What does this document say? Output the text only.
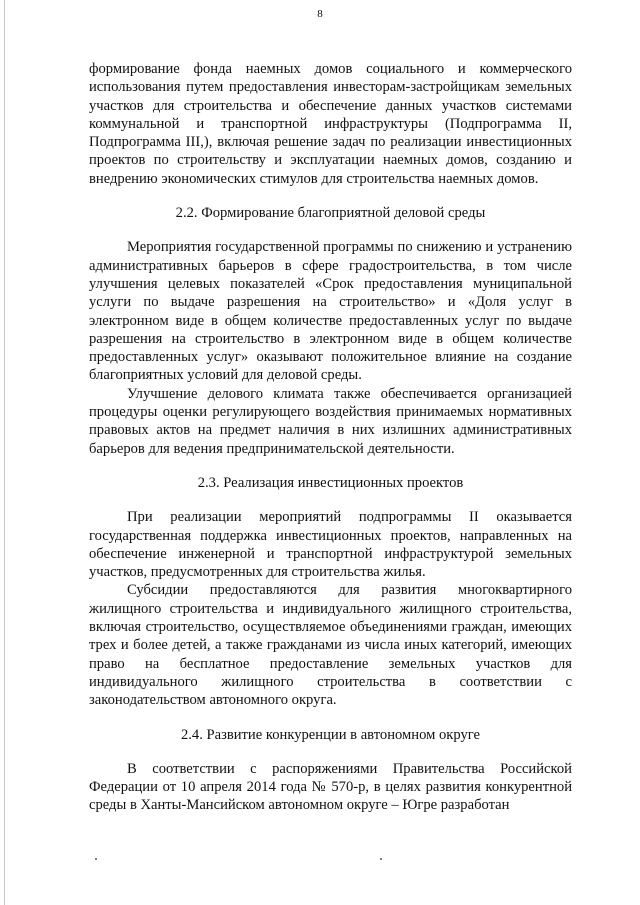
8

формирование фонда наемных домов социального и коммерческого использования путем предоставления инвесторам-застройщикам земельных участков для строительства и обеспечение данных участков системами коммунальной и транспортной инфраструктуры (Подпрограмма II, Подпрограмма III,), включая решение задач по реализации инвестиционных проектов по строительству и эксплуатации наемных домов, созданию и внедрению экономических стимулов для строительства наемных домов.

2.2. Формирование благоприятной деловой среды

Мероприятия государственной программы по снижению и устранению административных барьеров в сфере градостроительства, в том числе улучшения целевых показателей «Срок предоставления муниципальной услуги по выдаче разрешения на строительство» и «Доля услуг в электронном виде в общем количестве предоставленных услуг по выдаче разрешения на строительство в электронном виде в общем количестве предоставленных услуг» оказывают положительное влияние на создание благоприятных условий для деловой среды.

Улучшение делового климата также обеспечивается организацией процедуры оценки регулирующего воздействия принимаемых нормативных правовых актов на предмет наличия в них излишних административных барьеров для ведения предпринимательской деятельности.

2.3. Реализация инвестиционных проектов

При реализации мероприятий подпрограммы II оказывается государственная поддержка инвестиционных проектов, направленных на обеспечение инженерной и транспортной инфраструктурой земельных участков, предусмотренных для строительства жилья.

Субсидии предоставляются для развития многоквартирного жилищного строительства и индивидуального жилищного строительства, включая строительство, осуществляемое объединениями граждан, имеющих трех и более детей, а также гражданами из числа иных категорий, имеющих право на бесплатное предоставление земельных участков для индивидуального жилищного строительства в соответствии с законодательством автономного округа.

2.4. Развитие конкуренции в автономном округе

В соответствии с распоряжениями Правительства Российской Федерации от 10 апреля 2014 года № 570-р, в целях развития конкурентной среды в Ханты-Мансийском автономном округе – Югре разработан
